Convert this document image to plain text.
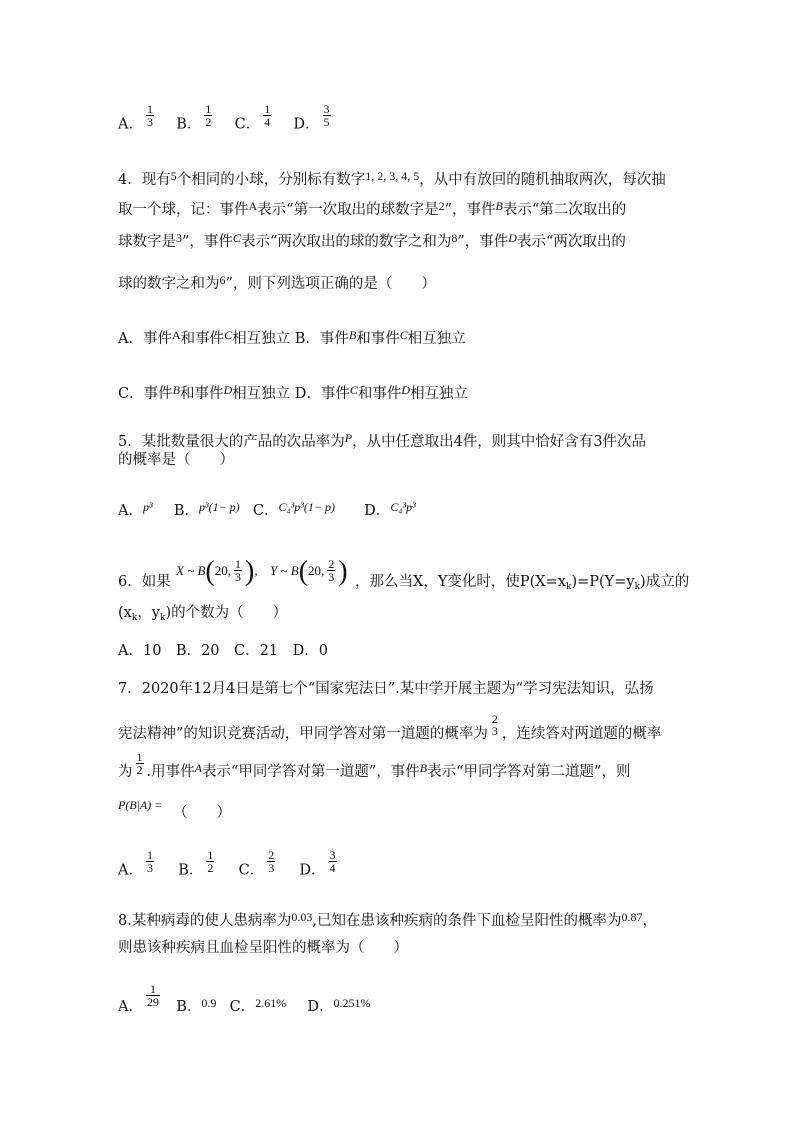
A． $\frac{1}{3}$ B． $\frac{1}{2}$ C． $\frac{1}{4}$ D． $\frac{3}{5}$
4．现有$^5$个相同的小球，分别标有数字$^{1, 2, 3, 4, 5}$，从中有放回的随机抽取两次，每次抽
取一个球，记：事件$^A$表示“第一次取出的球数字是$^2$”，事件$^B$表示“第二次取出的
球数字是$^3$”，事件$^C$表示“两次取出的球的数字之和为$^8$”，事件$^D$表示“两次取出的
球的数字之和为$^6$”，则下列选项正确的是（　　）
A．事件$^A$和事件$^C$相互独立 B．事件$^B$和事件$^C$相互独立
C．事件$^B$和事件$^D$相互独立 D．事件$^C$和事件$^D$相互独立
5．某批数量很大的产品的次品率为$^P$，从中任意取出4件，则其中恰好含有3件次品
的概率是（　　）
A．$^{p^3}$ B．$^{p^3(1- p)}$ C．$^{C_4^3p^3(1- p)}$ D．$^{C_4^3p^3}$
X ~ B(20, $\frac{1}{3}$ ), Y ~ B(20, $\frac{2}{3}$ )
6．如果	，那么当X，Y变化时，使$P(X=x_k)=P(Y=y_k)$成立的
($x_k$，$y_k$)的个数为（　　）
A．10　B．20　C．21　D．0
7．2020年12月4日是第七个“国家宪法日”.某中学开展主题为“学习宪法知识，弘扬
宪法精神”的知识竞赛活动，甲同学答对第一道题的概率为
2
3 ，连续答对两道题的概率
为 $\frac{1}{2}$ .用事件$^A$表示“甲同学答对第一道题”，事件$^B$表示“甲同学答对第二道题”，则
$^{P(B|A) =}$ （　　）
A． $\frac{1}{3}$ B． $\frac{1}{2}$ C． $\frac{2}{3}$ D． $\frac{3}{4}$
8.某种病毒的使人患病率为$^{0.03}$,已知在患该种疾病的条件下血检呈阳性的概率为$^{0.87}$，
则患该种疾病且血检呈阳性的概率为（　　）
A． $\frac{1}{29}$ B．$^{0.9}$ C．$^{2.61\%}$ D．$^{0.251\%}$
